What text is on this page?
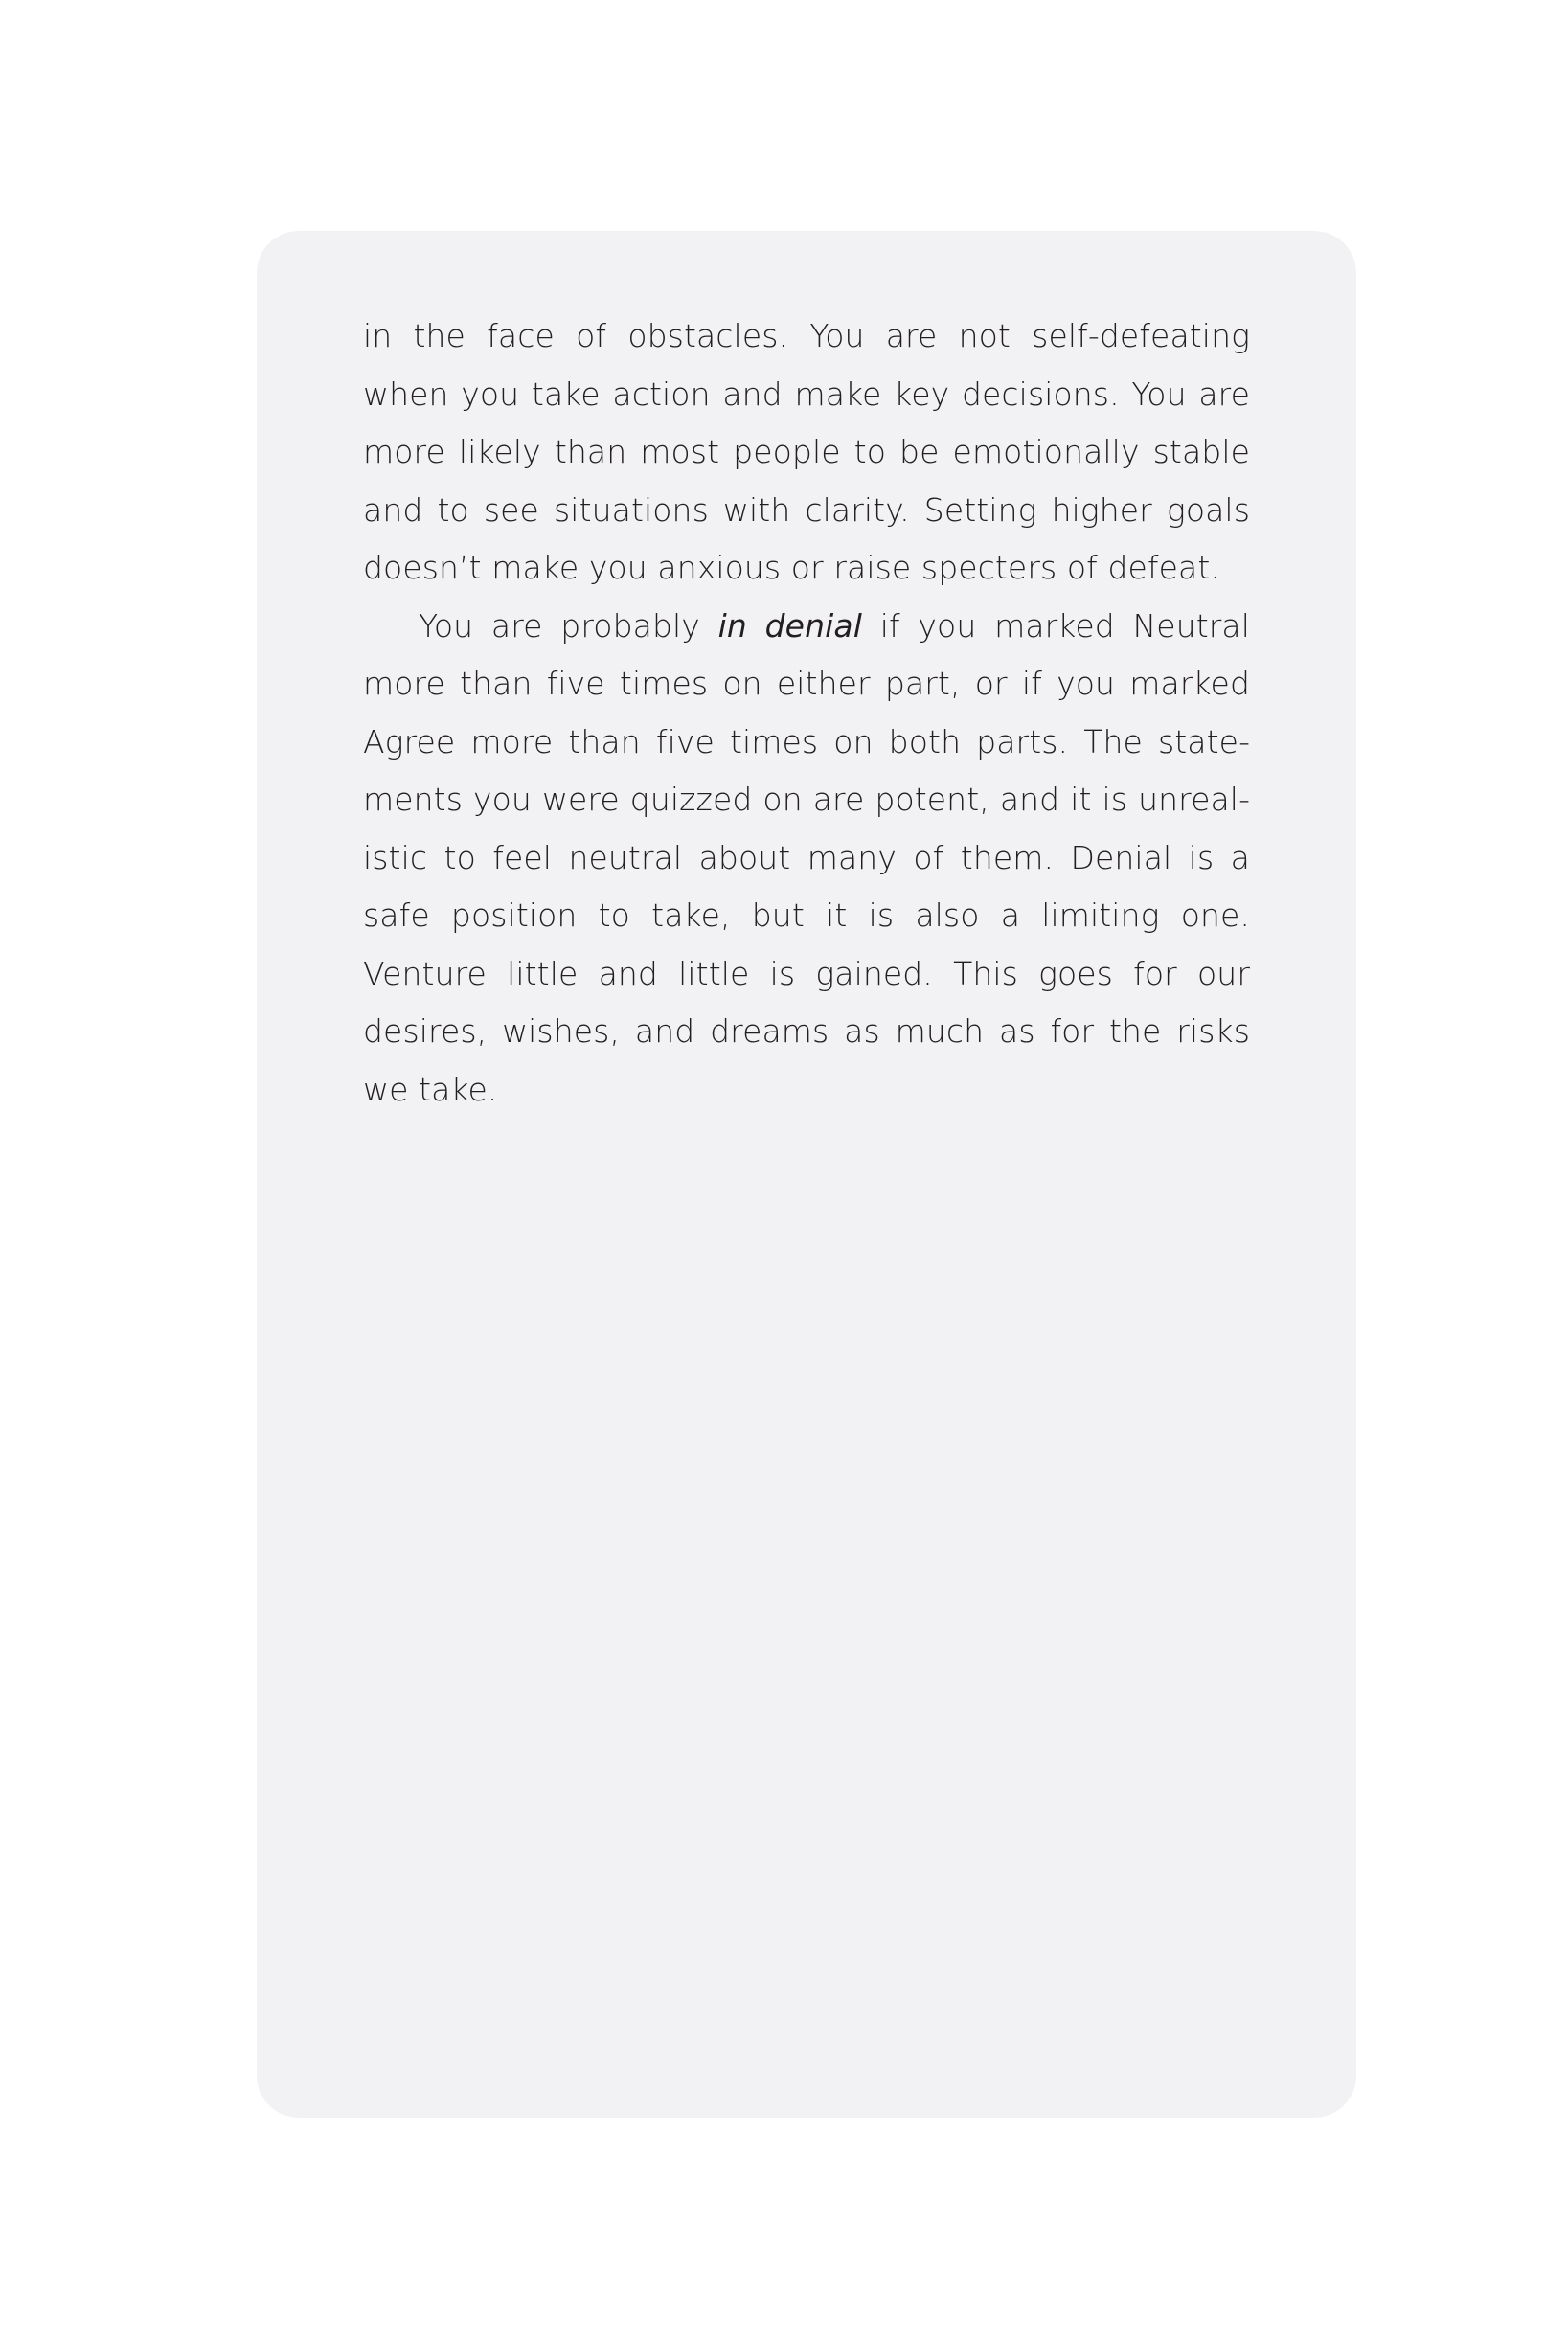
in the face of obstacles. You are not self-defeating when you take action and make key decisions. You are more likely than most people to be emotionally stable and to see situations with clarity. Setting higher goals doesn’t make you anxious or raise specters of defeat.

You are probably in denial if you marked Neutral more than five times on either part, or if you marked Agree more than five times on both parts. The statements you were quizzed on are potent, and it is unrealistic to feel neutral about many of them. Denial is a safe position to take, but it is also a limiting one. Venture little and little is gained. This goes for our desires, wishes, and dreams as much as for the risks we take.
